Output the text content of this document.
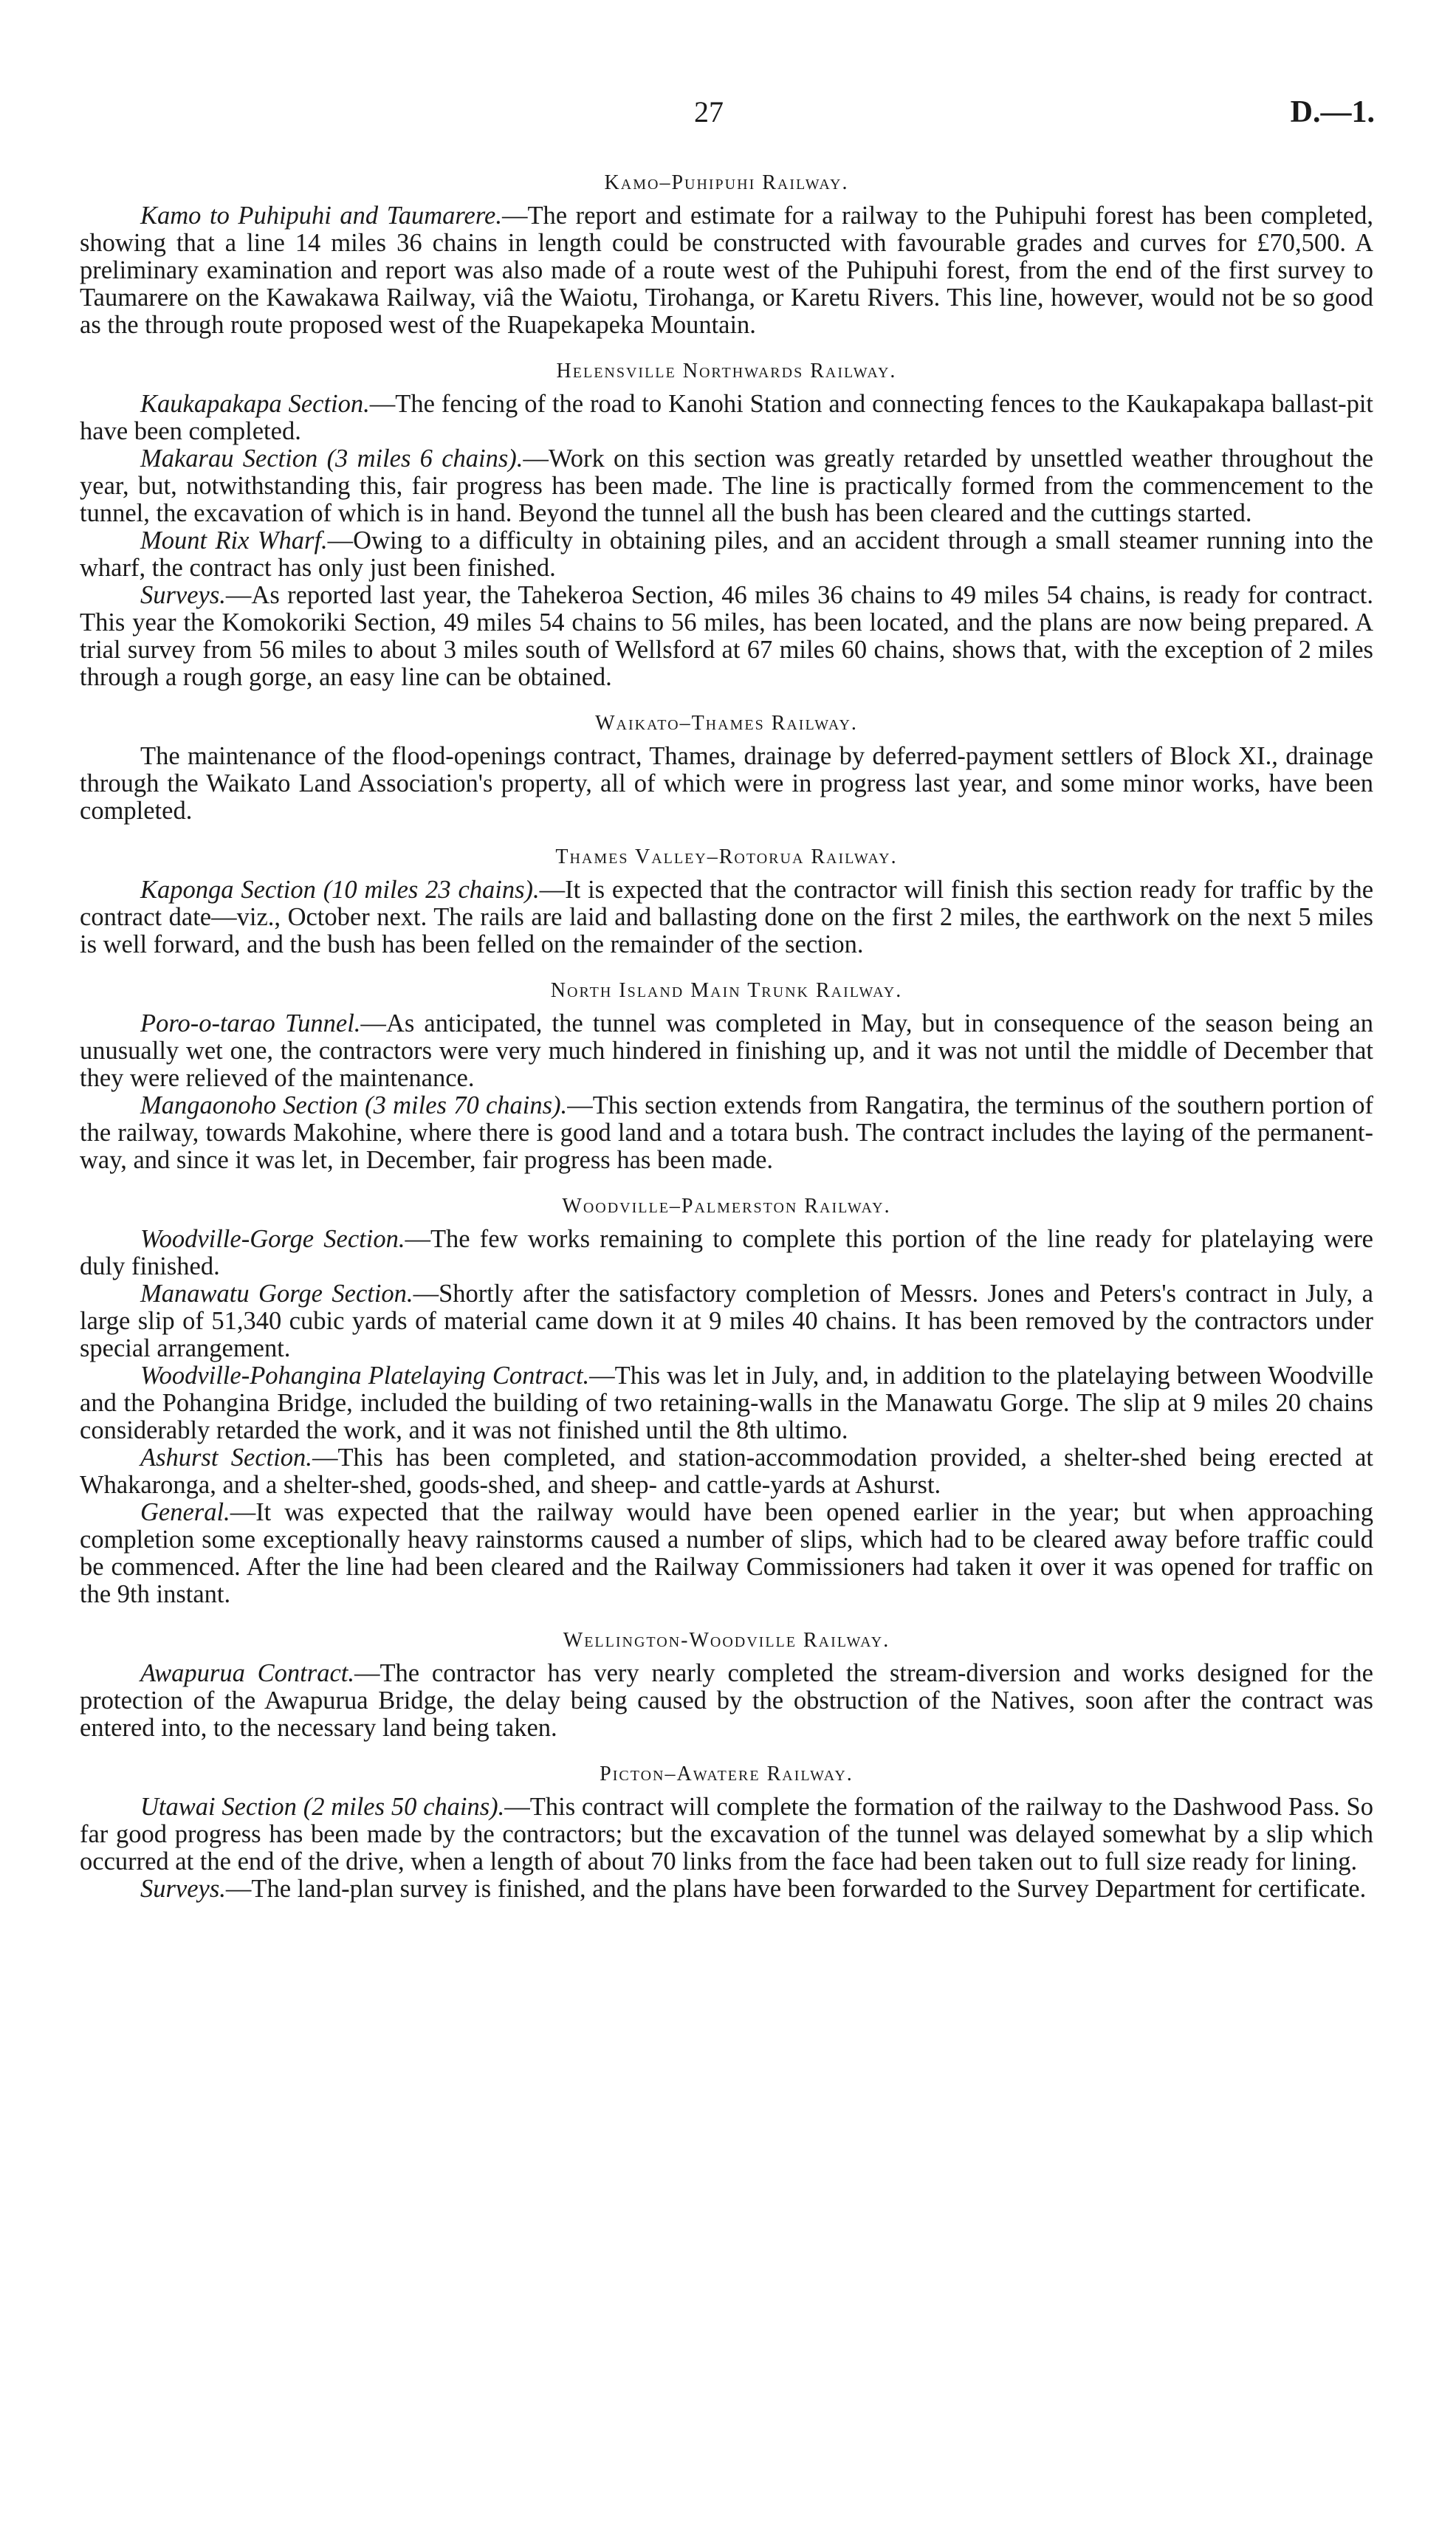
27	D.—1.
Kamo–Puhipuhi Railway.

Kamo to Puhipuhi and Taumarere.—The report and estimate for a railway to the Puhipuhi forest has been completed, showing that a line 14 miles 36 chains in length could be constructed with favourable grades and curves for £70,500. A preliminary examination and report was also made of a route west of the Puhipuhi forest, from the end of the first survey to Taumarere on the Kawakawa Railway, viâ the Waiotu, Tirohanga, or Karetu Rivers. This line, however, would not be so good as the through route proposed west of the Ruapekapeka Mountain.

Helensville Northwards Railway.

Kaukapakapa Section.—The fencing of the road to Kanohi Station and connecting fences to the Kaukapakapa ballast-pit have been completed.

Makarau Section (3 miles 6 chains).—Work on this section was greatly retarded by unsettled weather throughout the year, but, notwithstanding this, fair progress has been made. The line is practically formed from the commencement to the tunnel, the excavation of which is in hand. Beyond the tunnel all the bush has been cleared and the cuttings started.

Mount Rix Wharf.—Owing to a difficulty in obtaining piles, and an accident through a small steamer running into the wharf, the contract has only just been finished.

Surveys.—As reported last year, the Tahekeroa Section, 46 miles 36 chains to 49 miles 54 chains, is ready for contract. This year the Komokoriki Section, 49 miles 54 chains to 56 miles, has been located, and the plans are now being prepared. A trial survey from 56 miles to about 3 miles south of Wellsford at 67 miles 60 chains, shows that, with the exception of 2 miles through a rough gorge, an easy line can be obtained.

Waikato–Thames Railway.

The maintenance of the flood-openings contract, Thames, drainage by deferred-payment settlers of Block XI., drainage through the Waikato Land Association's property, all of which were in progress last year, and some minor works, have been completed.

Thames Valley–Rotorua Railway.

Kaponga Section (10 miles 23 chains).—It is expected that the contractor will finish this section ready for traffic by the contract date—viz., October next. The rails are laid and ballasting done on the first 2 miles, the earthwork on the next 5 miles is well forward, and the bush has been felled on the remainder of the section.

North Island Main Trunk Railway.

Poro-o-tarao Tunnel.—As anticipated, the tunnel was completed in May, but in consequence of the season being an unusually wet one, the contractors were very much hindered in finishing up, and it was not until the middle of December that they were relieved of the maintenance.

Mangaonoho Section (3 miles 70 chains).—This section extends from Rangatira, the terminus of the southern portion of the railway, towards Makohine, where there is good land and a totara bush. The contract includes the laying of the permanent-way, and since it was let, in December, fair progress has been made.

Woodville–Palmerston Railway.

Woodville-Gorge Section.—The few works remaining to complete this portion of the line ready for platelaying were duly finished.

Manawatu Gorge Section.—Shortly after the satisfactory completion of Messrs. Jones and Peters's contract in July, a large slip of 51,340 cubic yards of material came down it at 9 miles 40 chains. It has been removed by the contractors under special arrangement.

Woodville-Pohangina Platelaying Contract.—This was let in July, and, in addition to the platelaying between Woodville and the Pohangina Bridge, included the building of two retaining-walls in the Manawatu Gorge. The slip at 9 miles 20 chains considerably retarded the work, and it was not finished until the 8th ultimo.

Ashurst Section.—This has been completed, and station-accommodation provided, a shelter-shed being erected at Whakaronga, and a shelter-shed, goods-shed, and sheep- and cattle-yards at Ashurst.

General.—It was expected that the railway would have been opened earlier in the year; but when approaching completion some exceptionally heavy rainstorms caused a number of slips, which had to be cleared away before traffic could be commenced. After the line had been cleared and the Railway Commissioners had taken it over it was opened for traffic on the 9th instant.

Wellington-Woodville Railway.

Awapurua Contract.—The contractor has very nearly completed the stream-diversion and works designed for the protection of the Awapurua Bridge, the delay being caused by the obstruction of the Natives, soon after the contract was entered into, to the necessary land being taken.

Picton–Awatere Railway.

Utawai Section (2 miles 50 chains).—This contract will complete the formation of the railway to the Dashwood Pass. So far good progress has been made by the contractors; but the excavation of the tunnel was delayed somewhat by a slip which occurred at the end of the drive, when a length of about 70 links from the face had been taken out to full size ready for lining.

Surveys.—The land-plan survey is finished, and the plans have been forwarded to the Survey Department for certificate.
